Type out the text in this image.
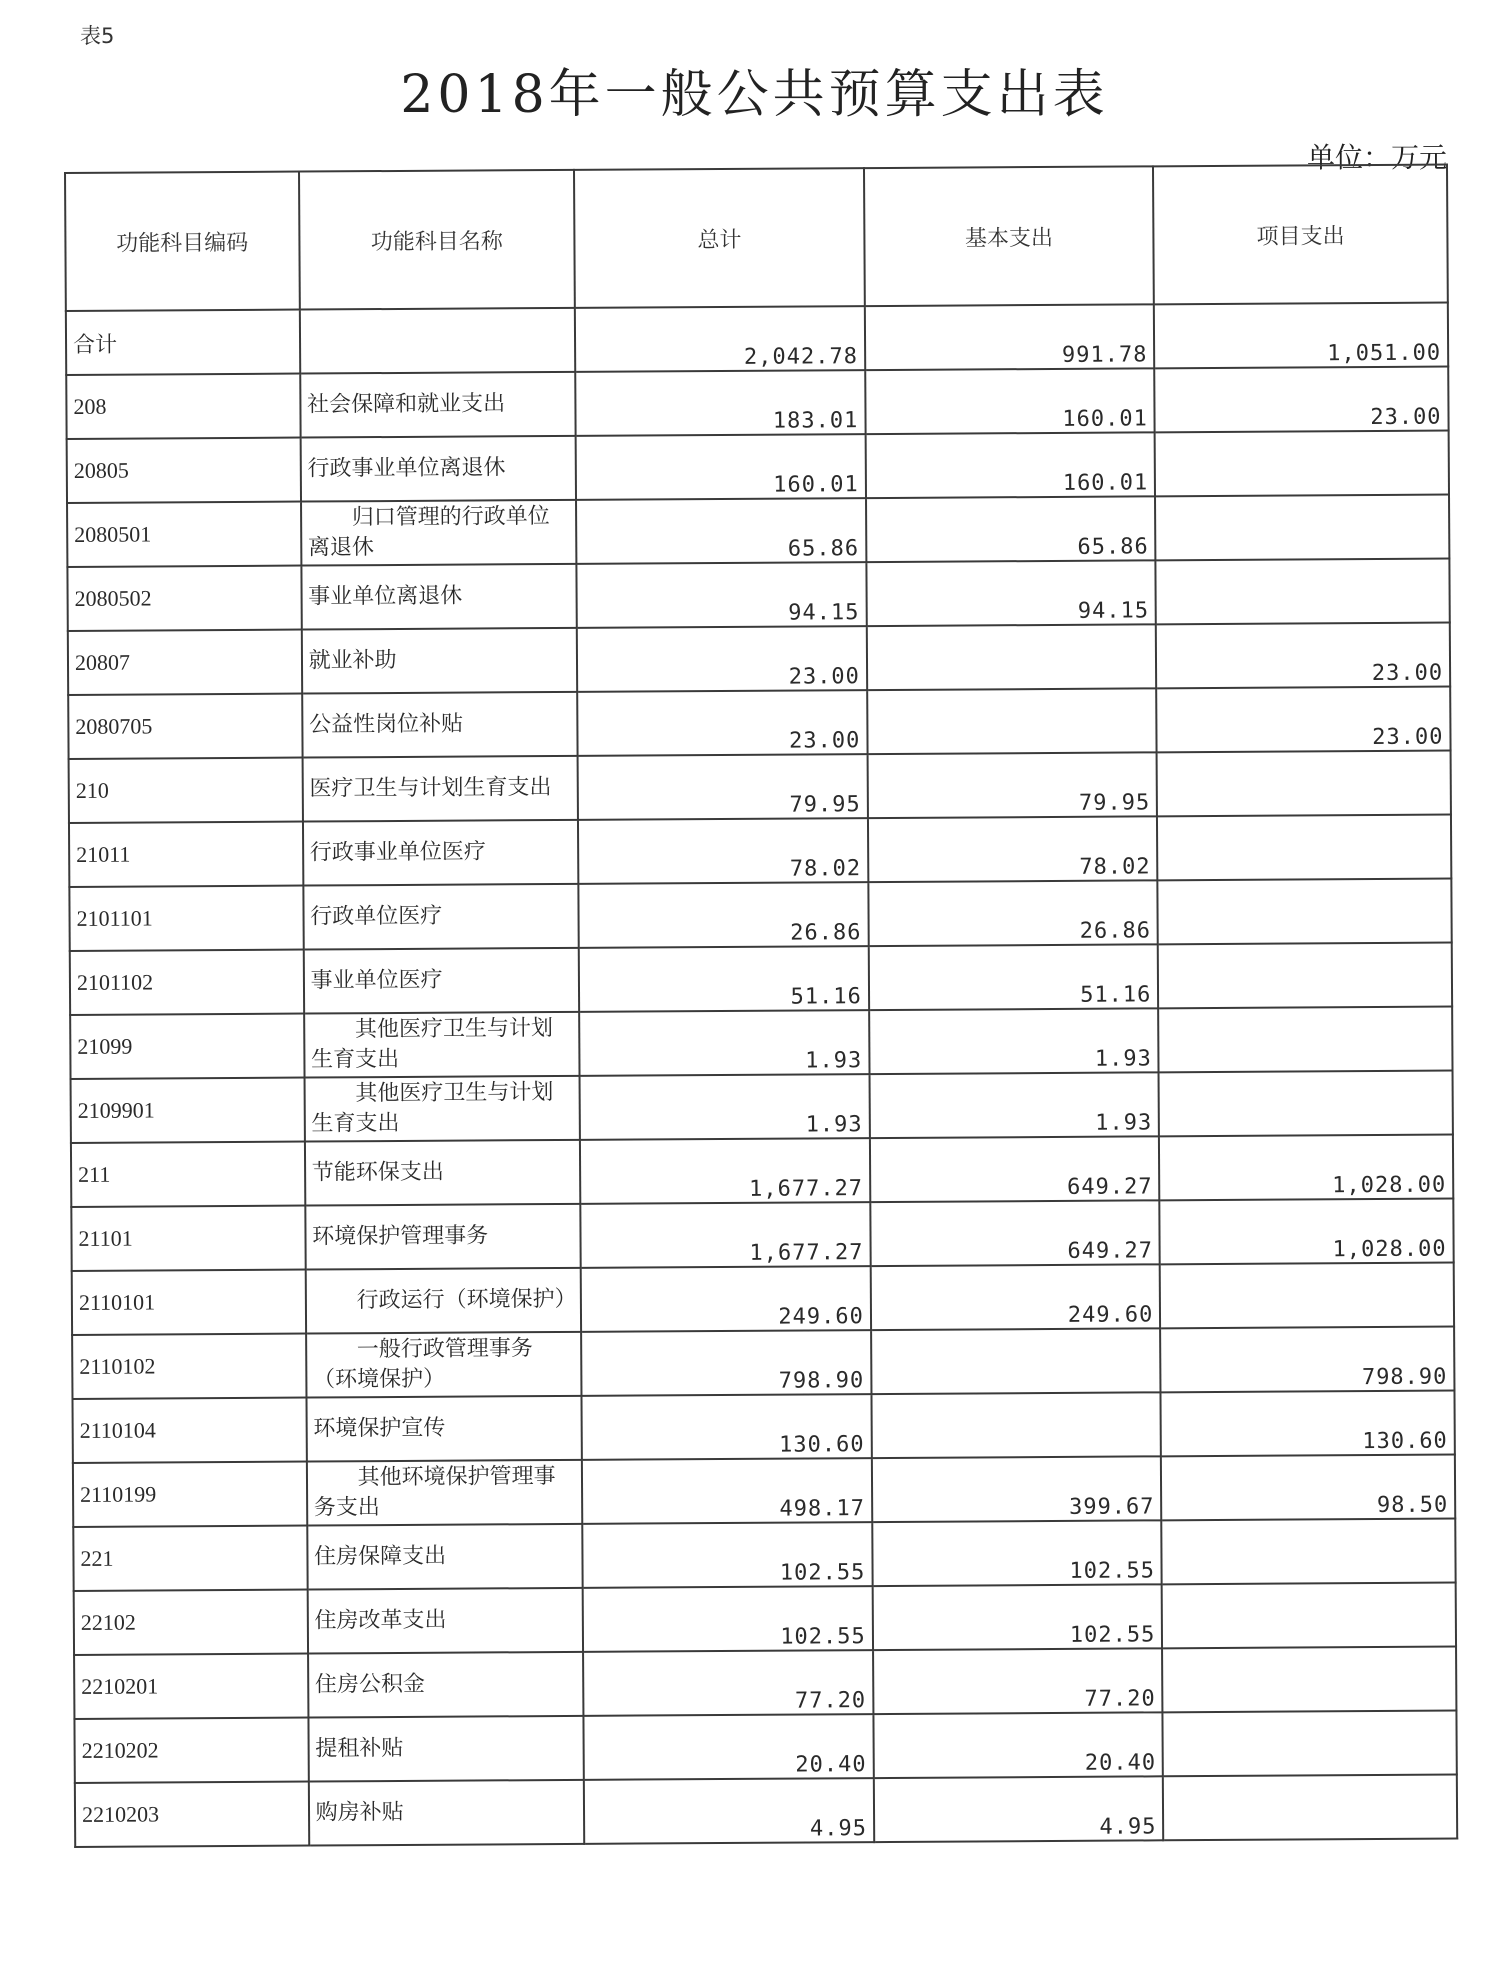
表5
2018年一般公共预算支出表
单位：万元
功能科目编码	功能科目名称	总计	基本支出	项目支出
合计		2,042.78	991.78	1,051.00
208	社会保障和就业支出	183.01	160.01	23.00
20805	行政事业单位离退休	160.01	160.01	
2080501	归口管理的行政单位离退休	65.86	65.86	
2080502	事业单位离退休	94.15	94.15	
20807	就业补助	23.00		23.00
2080705	公益性岗位补贴	23.00		23.00
210	医疗卫生与计划生育支出	79.95	79.95	
21011	行政事业单位医疗	78.02	78.02	
2101101	行政单位医疗	26.86	26.86	
2101102	事业单位医疗	51.16	51.16	
21099	其他医疗卫生与计划生育支出	1.93	1.93	
2109901	其他医疗卫生与计划生育支出	1.93	1.93	
211	节能环保支出	1,677.27	649.27	1,028.00
21101	环境保护管理事务	1,677.27	649.27	1,028.00
2110101	行政运行（环境保护）	249.60	249.60	
2110102	一般行政管理事务（环境保护）	798.90		798.90
2110104	环境保护宣传	130.60		130.60
2110199	其他环境保护管理事务支出	498.17	399.67	98.50
221	住房保障支出	102.55	102.55	
22102	住房改革支出	102.55	102.55	
2210201	住房公积金	77.20	77.20	
2210202	提租补贴	20.40	20.40	
2210203	购房补贴	4.95	4.95	
